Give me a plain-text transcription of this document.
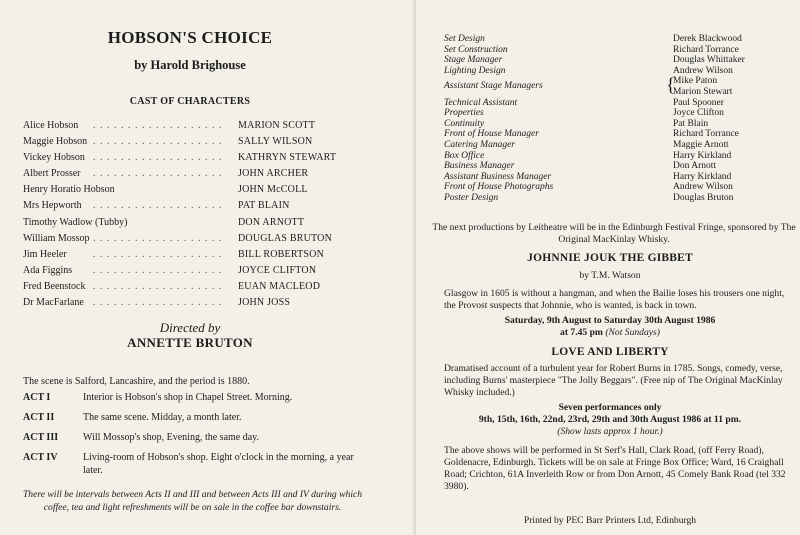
HOBSON'S CHOICE
by Harold Brighouse
CAST OF CHARACTERS
Alice Hobson . . . . . . . . . . . . . . . . . . .	MARION SCOTT
Maggie Hobson . . . . . . . . . . . . . . . . . . .	SALLY WILSON
Vickey Hobson . . . . . . . . . . . . . . . . . . .	KATHRYN STEWART
Albert Prosser . . . . . . . . . . . . . . . . . . .	JOHN ARCHER
Henry Horatio Hobson	JOHN McCOLL
Mrs Hepworth . . . . . . . . . . . . . . . . . . .	PAT BLAIN
Timothy Wadlow (Tubby)	DON ARNOTT
William Mossop . . . . . . . . . . . . . . . . . . .	DOUGLAS BRUTON
Jim Heeler	. . . . . . . . . . . . . . . . . . .	BILL ROBERTSON
Ada Figgins . . . . . . . . . . . . . . . . . . .	JOYCE CLIFTON
Fred Beenstock . . . . . . . . . . . . . . . . . . .	EUAN MACLEOD
Dr MacFarlane . . . . . . . . . . . . . . . . . . .	JOHN JOSS
Directed by
ANNETTE BRUTON
The scene is Salford, Lancashire, and the period is 1880.
ACT I	Interior is Hobson's shop in Chapel Street. Morning.
ACT II	The same scene. Midday, a month later.
ACT III Will Mossop's shop, Evening, the same day.
ACT IV	Living-room of Hobson's shop. Eight o'clock in the morning, a year later.
There will be intervals between Acts II and III and between Acts III and IV during which coffee, tea and light refreshments will be on sale in the coffee bar downstairs.
Set Design	Derek Blackwood
Set Construction	Richard Torrance
Stage Manager	Douglas Whittaker
Lighting Design	Andrew Wilson
Assistant Stage Managers	{
Mike Paton
Marion Stewart
Technical Assistant	Paul Spooner
Properties	Joyce Clifton
Continuity	Pat Blain
Front of House Manager	Richard Torrance
Catering Manager	Maggie Arnott
Box Office	Harry Kirkland
Business Manager	Don Arnott
Assistant Business Manager	Harry Kirkland
Front of House Photographs	Andrew Wilson
Poster Design	Douglas Bruton
The next productions by Leitheatre will be in the Edinburgh Festival Fringe, sponsored by The Original MacKinlay Whisky.
JOHNNIE JOUK THE GIBBET
by T.M. Watson
Glasgow in 1605 is without a hangman, and when the Bailie loses his trousers one night, the Provost suspects that Johnnie, who is wanted, is back in town.
Saturday, 9th August to Saturday 30th August 1986
at 7.45 pm (Not Sundays)
LOVE AND LIBERTY
Dramatised account of a turbulent year for Robert Burns in 1785. Songs, comedy, verse, including Burns' masterpiece "The Jolly Beggars". (Free nip of The Original MacKinlay Whisky included.)
Seven performances only
9th, 15th, 16th, 22nd, 23rd, 29th and 30th August 1986 at 11 pm.
(Show lasts approx 1 hour.)
The above shows will be performed in St Serf's Hall, Clark Road, (off Ferry Road), Goldenacre, Edinburgh. Tickets will be on sale at Fringe Box Office; Ward, 16 Craighall Road; Crichton, 61A Inverleith Row or from Don Arnott, 45 Comely Bank Road (tel 332 3980).
Printed by PEC Barr Printers Ltd, Edinburgh
